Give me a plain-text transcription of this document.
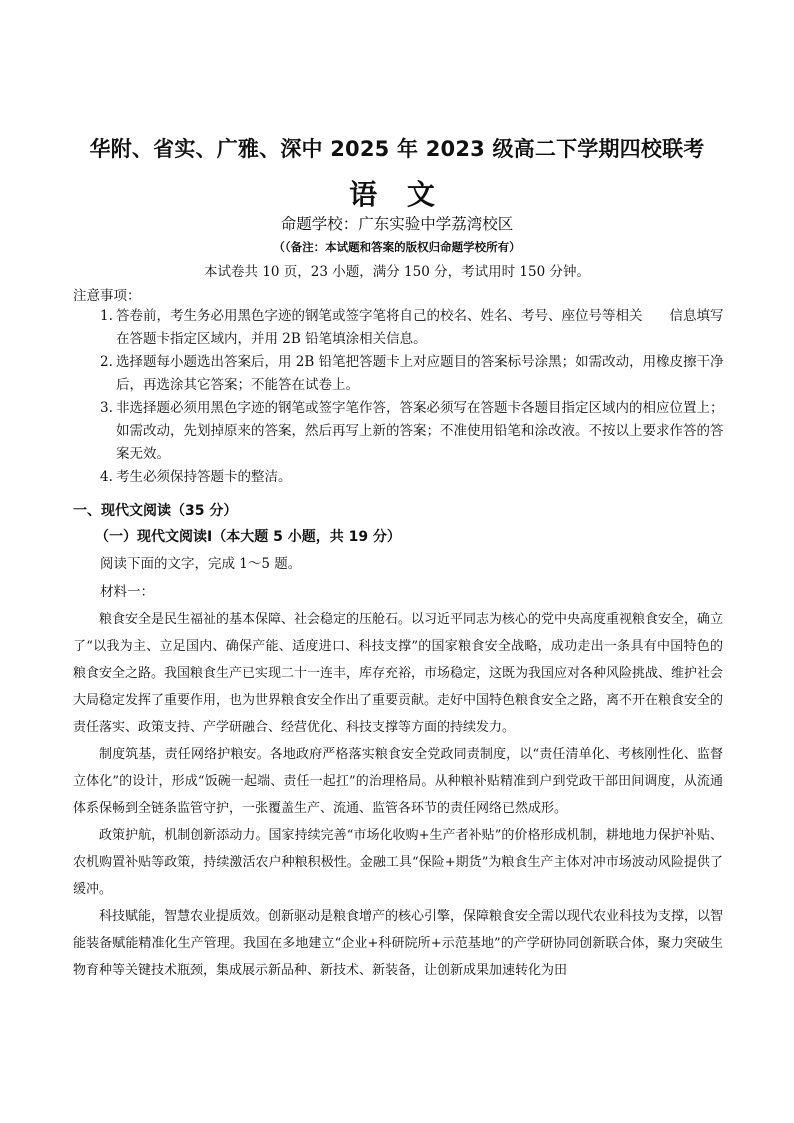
华附、省实、广雅、深中 2025 年 2023 级高二下学期四校联考
语 文
命题学校：广东实验中学荔湾校区
（（备注：本试题和答案的版权归命题学校所有）
本试卷共 10 页，23 小题，满分 150 分，考试用时 150 分钟。
注意事项：
1. 答卷前，考生务必用黑色字迹的钢笔或签字笔将自己的校名、姓名、考号、座位号等相关　　信息填写在答题卡指定区域内，并用 2B 铅笔填涂相关信息。
2. 选择题每小题选出答案后，用 2B 铅笔把答题卡上对应题目的答案标号涂黑；如需改动，用橡皮擦干净后，再选涂其它答案；不能答在试卷上。
3. 非选择题必须用黑色字迹的钢笔或签字笔作答，答案必须写在答题卡各题目指定区域内的相应位置上；如需改动，先划掉原来的答案，然后再写上新的答案；不准使用铅笔和涂改液。不按以上要求作答的答案无效。
4. 考生必须保持答题卡的整洁。
一、现代文阅读（35 分）
（一）现代文阅读Ⅰ（本大题 5 小题，共 19 分）
阅读下面的文字，完成 1～5 题。
材料一：

粮食安全是民生福祉的基本保障、社会稳定的压舱石。以习近平同志为核心的党中央高度重视粮食安全，确立了“以我为主、立足国内、确保产能、适度进口、科技支撑”的国家粮食安全战略，成功走出一条具有中国特色的粮食安全之路。我国粮食生产已实现二十一连丰，库存充裕，市场稳定，这既为我国应对各种风险挑战、维护社会大局稳定发挥了重要作用，也为世界粮食安全作出了重要贡献。走好中国特色粮食安全之路，离不开在粮食安全的责任落实、政策支持、产学研融合、经营优化、科技支撑等方面的持续发力。

制度筑基，责任网络护粮安。各地政府严格落实粮食安全党政同责制度，以“责任清单化、考核刚性化、监督立体化”的设计，形成“饭碗一起端、责任一起扛”的治理格局。从种粮补贴精准到户到党政干部田间调度，从流通体系保畅到全链条监管守护，一张覆盖生产、流通、监管各环节的责任网络已然成形。

政策护航，机制创新添动力。国家持续完善“市场化收购+生产者补贴”的价格形成机制，耕地地力保护补贴、农机购置补贴等政策，持续激活农户种粮积极性。金融工具“保险+期货”为粮食生产主体对冲市场波动风险提供了缓冲。

科技赋能，智慧农业提质效。创新驱动是粮食增产的核心引擎，保障粮食安全需以现代农业科技为支撑，以智能装备赋能精准化生产管理。我国在多地建立“企业+科研院所+示范基地”的产学研协同创新联合体，聚力突破生物育种等关键技术瓶颈，集成展示新品种、新技术、新装备，让创新成果加速转化为田
